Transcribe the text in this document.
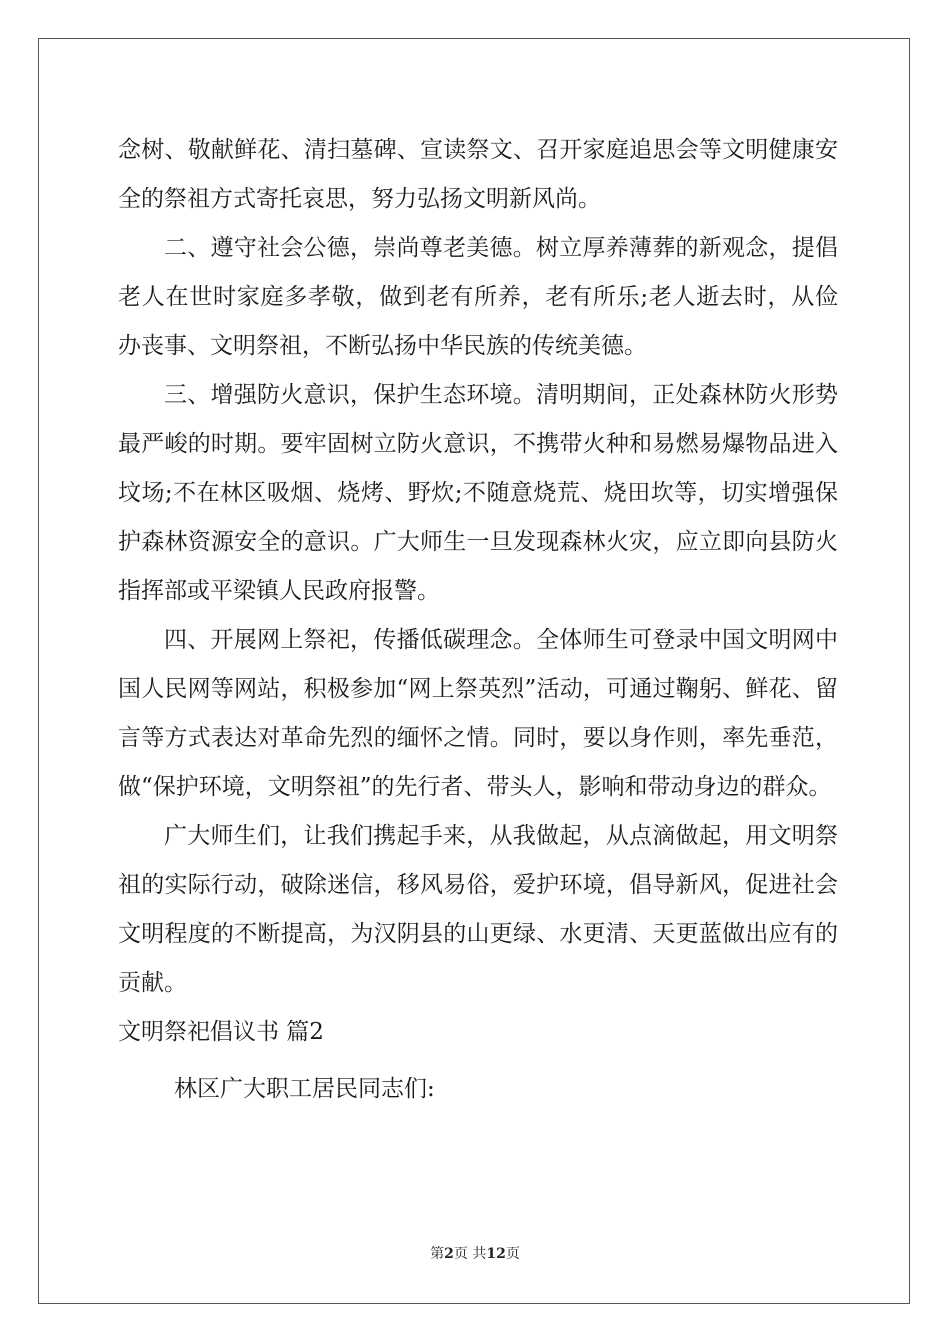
念树、敬献鲜花、清扫墓碑、宣读祭文、召开家庭追思会等文明健康安全的祭祖方式寄托哀思，努力弘扬文明新风尚。

二、遵守社会公德，崇尚尊老美德。树立厚养薄葬的新观念，提倡老人在世时家庭多孝敬，做到老有所养，老有所乐;老人逝去时，从俭办丧事、文明祭祖，不断弘扬中华民族的传统美德。

三、增强防火意识，保护生态环境。清明期间，正处森林防火形势最严峻的时期。要牢固树立防火意识，不携带火种和易燃易爆物品进入坟场;不在林区吸烟、烧烤、野炊;不随意烧荒、烧田坎等，切实增强保护森林资源安全的意识。广大师生一旦发现森林火灾，应立即向县防火指挥部或平梁镇人民政府报警。

四、开展网上祭祀，传播低碳理念。全体师生可登录中国文明网中国人民网等网站，积极参加“网上祭英烈”活动，可通过鞠躬、鲜花、留言等方式表达对革命先烈的缅怀之情。同时，要以身作则，率先垂范，做“保护环境，文明祭祖”的先行者、带头人，影响和带动身边的群众。

广大师生们，让我们携起手来，从我做起，从点滴做起，用文明祭祖的实际行动，破除迷信，移风易俗，爱护环境，倡导新风，促进社会文明程度的不断提高，为汉阴县的山更绿、水更清、天更蓝做出应有的贡献。

文明祭祀倡议书 篇2

林区广大职工居民同志们:

第2页 共12页
